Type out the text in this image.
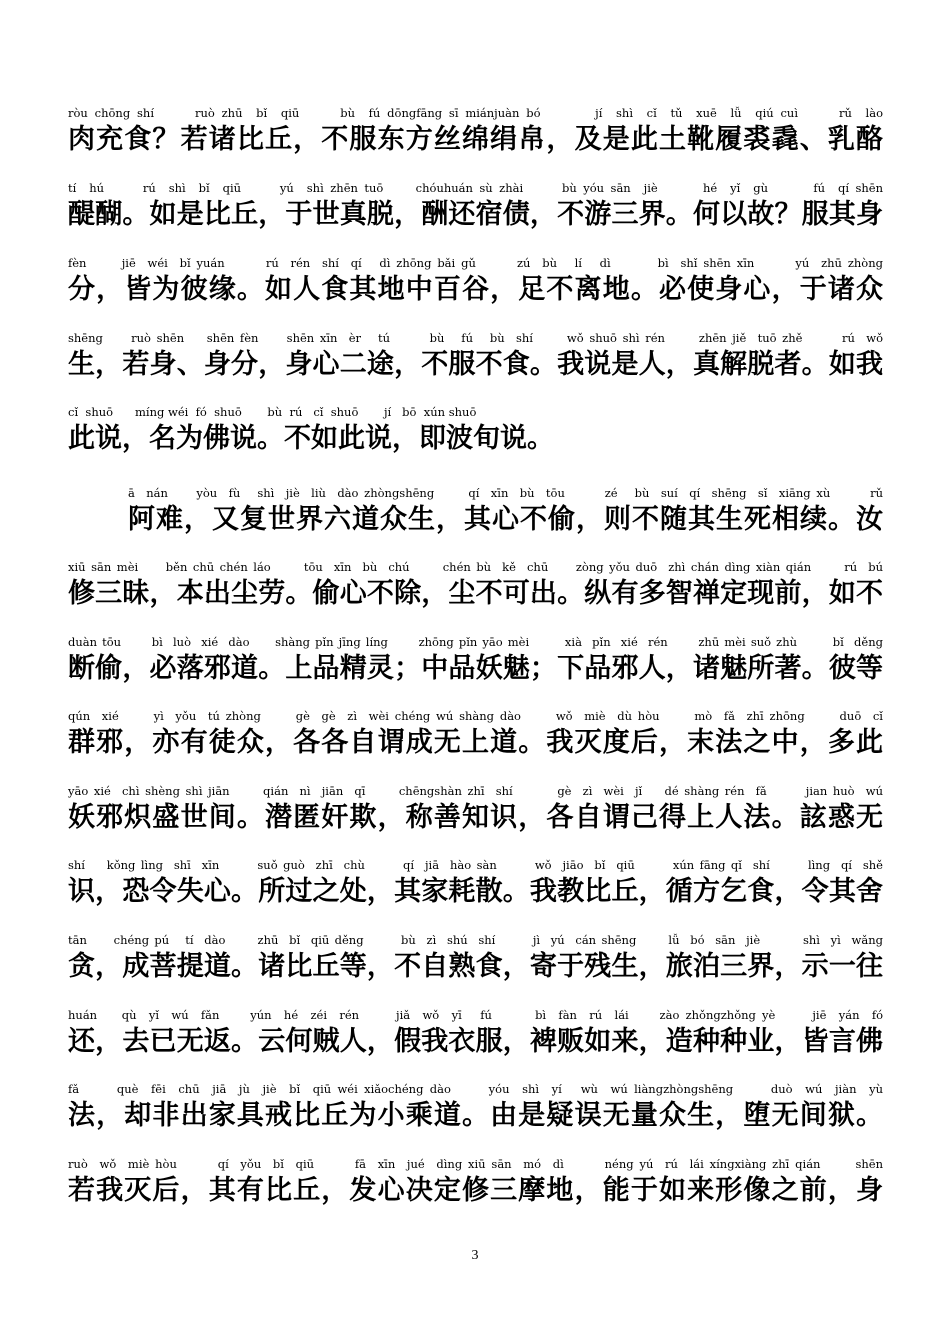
ròu chōng shí      ruò zhū  bǐ  qiū      bù  fú dōngfāng sī miánjuàn bó        jí  shì  cǐ  tǔ  xuē  lǚ  qiú cuì      rǔ  lào
肉充食？若诸比丘，不服东方丝绵绢帛，及是此土靴履裘毳、乳酪
tí  hú      rú  shì  bǐ  qiū      yú  shì zhēn tuō     chóuhuán sù zhài      bù yóu sān  jiè       hé  yǐ  gù       fú  qí shēn
醍醐。如是比丘，于世真脱，酬还宿债，不游三界。何以故？服其身
fèn      jiē  wéi  bǐ yuán       rú  rén  shí  qí   dì zhōng bǎi gǔ       zú  bù   lí   dì        bì  shǐ shēn xīn       yú  zhū zhòng
分，皆为彼缘。如人食其地中百谷，足不离地。必使身心，于诸众
shēng     ruò shēn    shēn fèn     shēn xīn  èr   tú       bù   fú   bù  shí      wǒ shuō shì rén      zhēn jiě  tuō zhě       rú  wǒ
生，若身、身分，身心二途，不服不食。我说是人，真解脱者。如我
cǐ  shuō      míng wéi  fó  shuō       bù  rú   cǐ  shuō       jí   bō  xún shuō
此说，名为佛说。不如此说，即波旬说。
ā  nán     yòu  fù   shì  jiè  liù  dào zhòngshēng      qí  xīn  bù  tōu       zé   bù  suí  qí  shēng  sǐ  xiāng xù       rǔ
阿难，又复世界六道众生，其心不偷，则不随其生死相续。汝
xiū sān mèi     běn chū chén láo      tōu  xīn  bù  chú      chén bù  kě  chū     zòng yǒu duō  zhì chán dìng xiàn qián      rú  bú
修三昧，本出尘劳。偷心不除，尘不可出。纵有多智禅定现前，如不
duàn tōu      bì  luò  xié  dào     shàng pǐn jīng líng      zhōng pǐn yāo mèi       xià  pǐn  xié  rén      zhū mèi suǒ zhù       bǐ  děng
断偷，必落邪道。上品精灵；中品妖魅；下品邪人，诸魅所著。彼等
qún  xié      yì  yǒu  tú zhòng      gè  gè  zì  wèi chéng wú shàng dào      wǒ  miè  dù hòu      mò  fǎ  zhī zhōng      duō  cǐ
群邪，亦有徒众，各各自谓成无上道。我灭度后，末法之中，多此
yāo xié  chì shèng shì jiān      qián  nì  jiān  qī      chēngshàn zhī  shí        gè  zì  wèi  jǐ    dé shàng rén  fǎ       jian huò  wú
妖邪炽盛世间。潜匿奸欺，称善知识，各自谓己得上人法。詃惑无
shí    kǒng lìng  shī  xīn       suǒ guò  zhī  chù       qí  jiā  hào sàn       wǒ  jiāo  bǐ  qiū       xún fāng qǐ  shí       lìng  qí  shě
识，恐令失心。所过之处，其家耗散。我教比丘，循方乞食，令其舍
tān     chéng pú   tí  dào      zhū  bǐ  qiū děng       bù  zì  shú  shí       jì  yú  cán shēng      lǚ  bó  sān  jiè        shì  yì  wǎng
贪，成菩提道。诸比丘等，不自熟食，寄于残生，旅泊三界，示一往
huán    qù  yǐ  wú  fǎn     yún  hé  zéi  rén      jiǎ  wǒ  yī   fú       bì  fàn  rú  lái     zào zhǒngzhǒng yè      jiē  yán  fó
还，去已无返。云何贼人，假我衣服，裨贩如来，造种种业，皆言佛
fǎ      què  fēi  chū  jiā  jù  jiè  bǐ  qiū wéi xiǎochéng dào      yóu  shì  yí   wù  wú liàngzhòngshēng      duò  wú  jiàn  yù
法，却非出家具戒比丘为小乘道。由是疑误无量众生，堕无间狱。
ruò  wǒ  miè hòu       qí  yǒu  bǐ  qiū       fā  xīn  jué  dìng xiū sān  mó  dì       néng yú  rú  lái xíngxiàng zhī qián      shēn
若我灭后，其有比丘，发心决定修三摩地，能于如来形像之前，身
3
